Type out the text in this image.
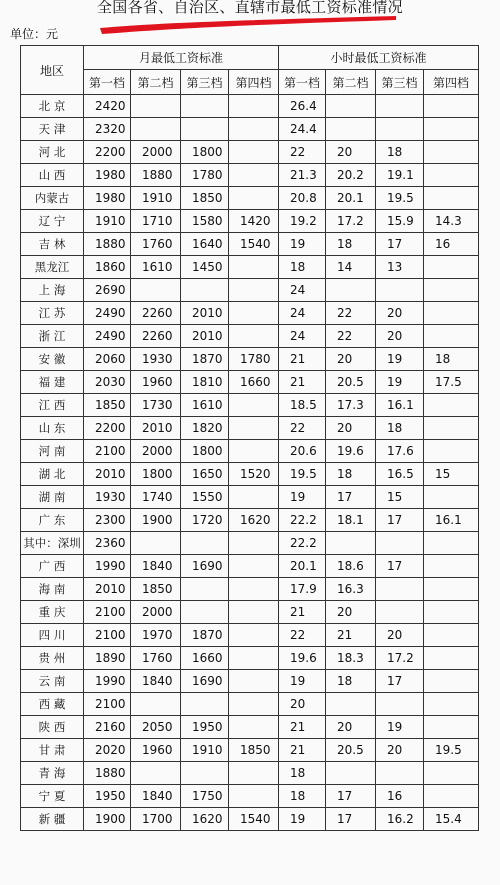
全国各省、自治区、直辖市最低工资标准情况
单位：元
地区	月最低工资标准				小时最低工资标准			
	第一档	第二档	第三档	第四档	第一档	第二档	第三档	第四档
北 京	2420				26.4			
天 津	2320				24.4			
河 北	2200	2000	1800		22	20	18	
山 西	1980	1880	1780		21.3	20.2	19.1	
内蒙古	1980	1910	1850		20.8	20.1	19.5	
辽 宁	1910	1710	1580	1420	19.2	17.2	15.9	14.3
吉 林	1880	1760	1640	1540	19	18	17	16
黑龙江	1860	1610	1450		18	14	13	
上 海	2690				24			
江 苏	2490	2260	2010		24	22	20	
浙 江	2490	2260	2010		24	22	20	
安 徽	2060	1930	1870	1780	21	20	19	18
福 建	2030	1960	1810	1660	21	20.5	19	17.5
江 西	1850	1730	1610		18.5	17.3	16.1	
山 东	2200	2010	1820		22	20	18	
河 南	2100	2000	1800		20.6	19.6	17.6	
湖 北	2010	1800	1650	1520	19.5	18	16.5	15
湖 南	1930	1740	1550		19	17	15	
广 东	2300	1900	1720	1620	22.2	18.1	17	16.1
其中：深圳	2360				22.2			
广 西	1990	1840	1690		20.1	18.6	17	
海 南	2010	1850			17.9	16.3		
重 庆	2100	2000			21	20		
四 川	2100	1970	1870		22	21	20	
贵 州	1890	1760	1660		19.6	18.3	17.2	
云 南	1990	1840	1690		19	18	17	
西 藏	2100				20			
陕 西	2160	2050	1950		21	20	19	
甘 肃	2020	1960	1910	1850	21	20.5	20	19.5
青 海	1880				18			
宁 夏	1950	1840	1750		18	17	16	
新 疆	1900	1700	1620	1540	19	17	16.2	15.4
